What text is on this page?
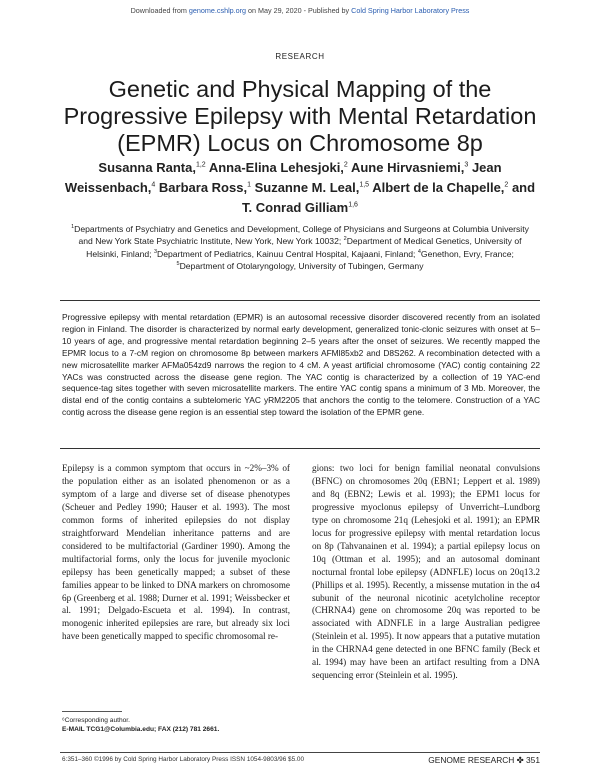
Downloaded from genome.cshlp.org on May 29, 2020 - Published by Cold Spring Harbor Laboratory Press
RESEARCH
Genetic and Physical Mapping of the Progressive Epilepsy with Mental Retardation (EPMR) Locus on Chromosome 8p
Susanna Ranta,$^{1,2}$ Anna-Elina Lehesjoki,$^2$ Aune Hirvasniemi,$^3$ Jean Weissenbach,$^4$ Barbara Ross,$^1$ Suzanne M. Leal,$^{1,5}$ Albert de la Chapelle,$^2$ and T. Conrad Gilliam$^{1,6}$
$^1$Departments of Psychiatry and Genetics and Development, College of Physicians and Surgeons at Columbia University and New York State Psychiatric Institute, New York, New York 10032; $^2$Department of Medical Genetics, University of Helsinki, Finland; $^3$Department of Pediatrics, Kainuu Central Hospital, Kajaani, Finland; $^4$Genethon, Evry, France; $^5$Department of Otolaryngology, University of Tubingen, Germany

Progressive epilepsy with mental retardation (EPMR) is an autosomal recessive disorder discovered recently from an isolated region in Finland. The disorder is characterized by normal early development, generalized tonic-clonic seizures with onset at 5–10 years of age, and progressive mental retardation beginning 2–5 years after the onset of seizures. We recently mapped the EPMR locus to a 7-cM region on chromosome 8p between markers AFMl85xb2 and D8S262. A recombination detected with a new microsatellite marker AFMa054zd9 narrows the region to 4 cM. A yeast artificial chromosome (YAC) contig containing 22 YACs was constructed across the disease gene region. The YAC contig is characterized by a collection of 19 YAC-end sequence-tag sites together with seven microsatellite markers. The entire YAC contig spans a minimum of 3 Mb. Moreover, the distal end of the contig contains a subtelomeric YAC yRM2205 that anchors the contig to the telomere. Construction of a YAC contig across the disease gene region is an essential step toward the isolation of the EPMR gene.

Epilepsy is a common symptom that occurs in ~2%–3% of the population either as an isolated phenomenon or as a symptom of a large and diverse set of disease phenotypes (Scheuer and Pedley 1990; Hauser et al. 1993). The most common forms of inherited epilepsies do not display straightforward Mendelian inheritance patterns and are considered to be multifactorial (Gardiner 1990). Among the multifactorial forms, only the locus for juvenile myoclonic epilepsy has been genetically mapped; a subset of these families appear to be linked to DNA markers on chromosome 6p (Greenberg et al. 1988; Durner et al. 1991; Weissbecker et al. 1991; Delgado-Escueta et al. 1994). In contrast, monogenic inherited epilepsies are rare, but already six loci have been genetically mapped to specific chromosomal re-

gions: two loci for benign familial neonatal convulsions (BFNC) on chromosomes 20q (EBN1; Leppert et al. 1989) and 8q (EBN2; Lewis et al. 1993); the EPM1 locus for progressive myoclonus epilepsy of Unverricht–Lundborg type on chromosome 21q (Lehesjoki et al. 1991); an EPMR locus for progressive epilepsy with mental retardation locus on 8p (Tahvanainen et al. 1994); a partial epilepsy locus on 10q (Ottman et al. 1995); and an autosomal dominant nocturnal frontal lobe epilepsy (ADNFLE) locus on 20q13.2 (Phillips et al. 1995). Recently, a missense mutation in the α4 subunit of the neuronal nicotinic acetylcholine receptor (CHRNA4) gene on chromosome 20q was reported to be associated with ADNFLE in a large Australian pedigree (Steinlein et al. 1995). It now appears that a putative mutation in the CHRNA4 gene detected in one BFNC family (Beck et al. 1994) may have been an artifact resulting from a DNA sequencing error (Steinlein et al. 1995).

⁶Corresponding author.
E-MAIL TCG1@Columbia.edu; FAX (212) 781 2661.
6:351–360 ©1996 by Cold Spring Harbor Laboratory Press ISSN 1054-9803/96 $5.00	GENOME RESEARCH ✤ 351
